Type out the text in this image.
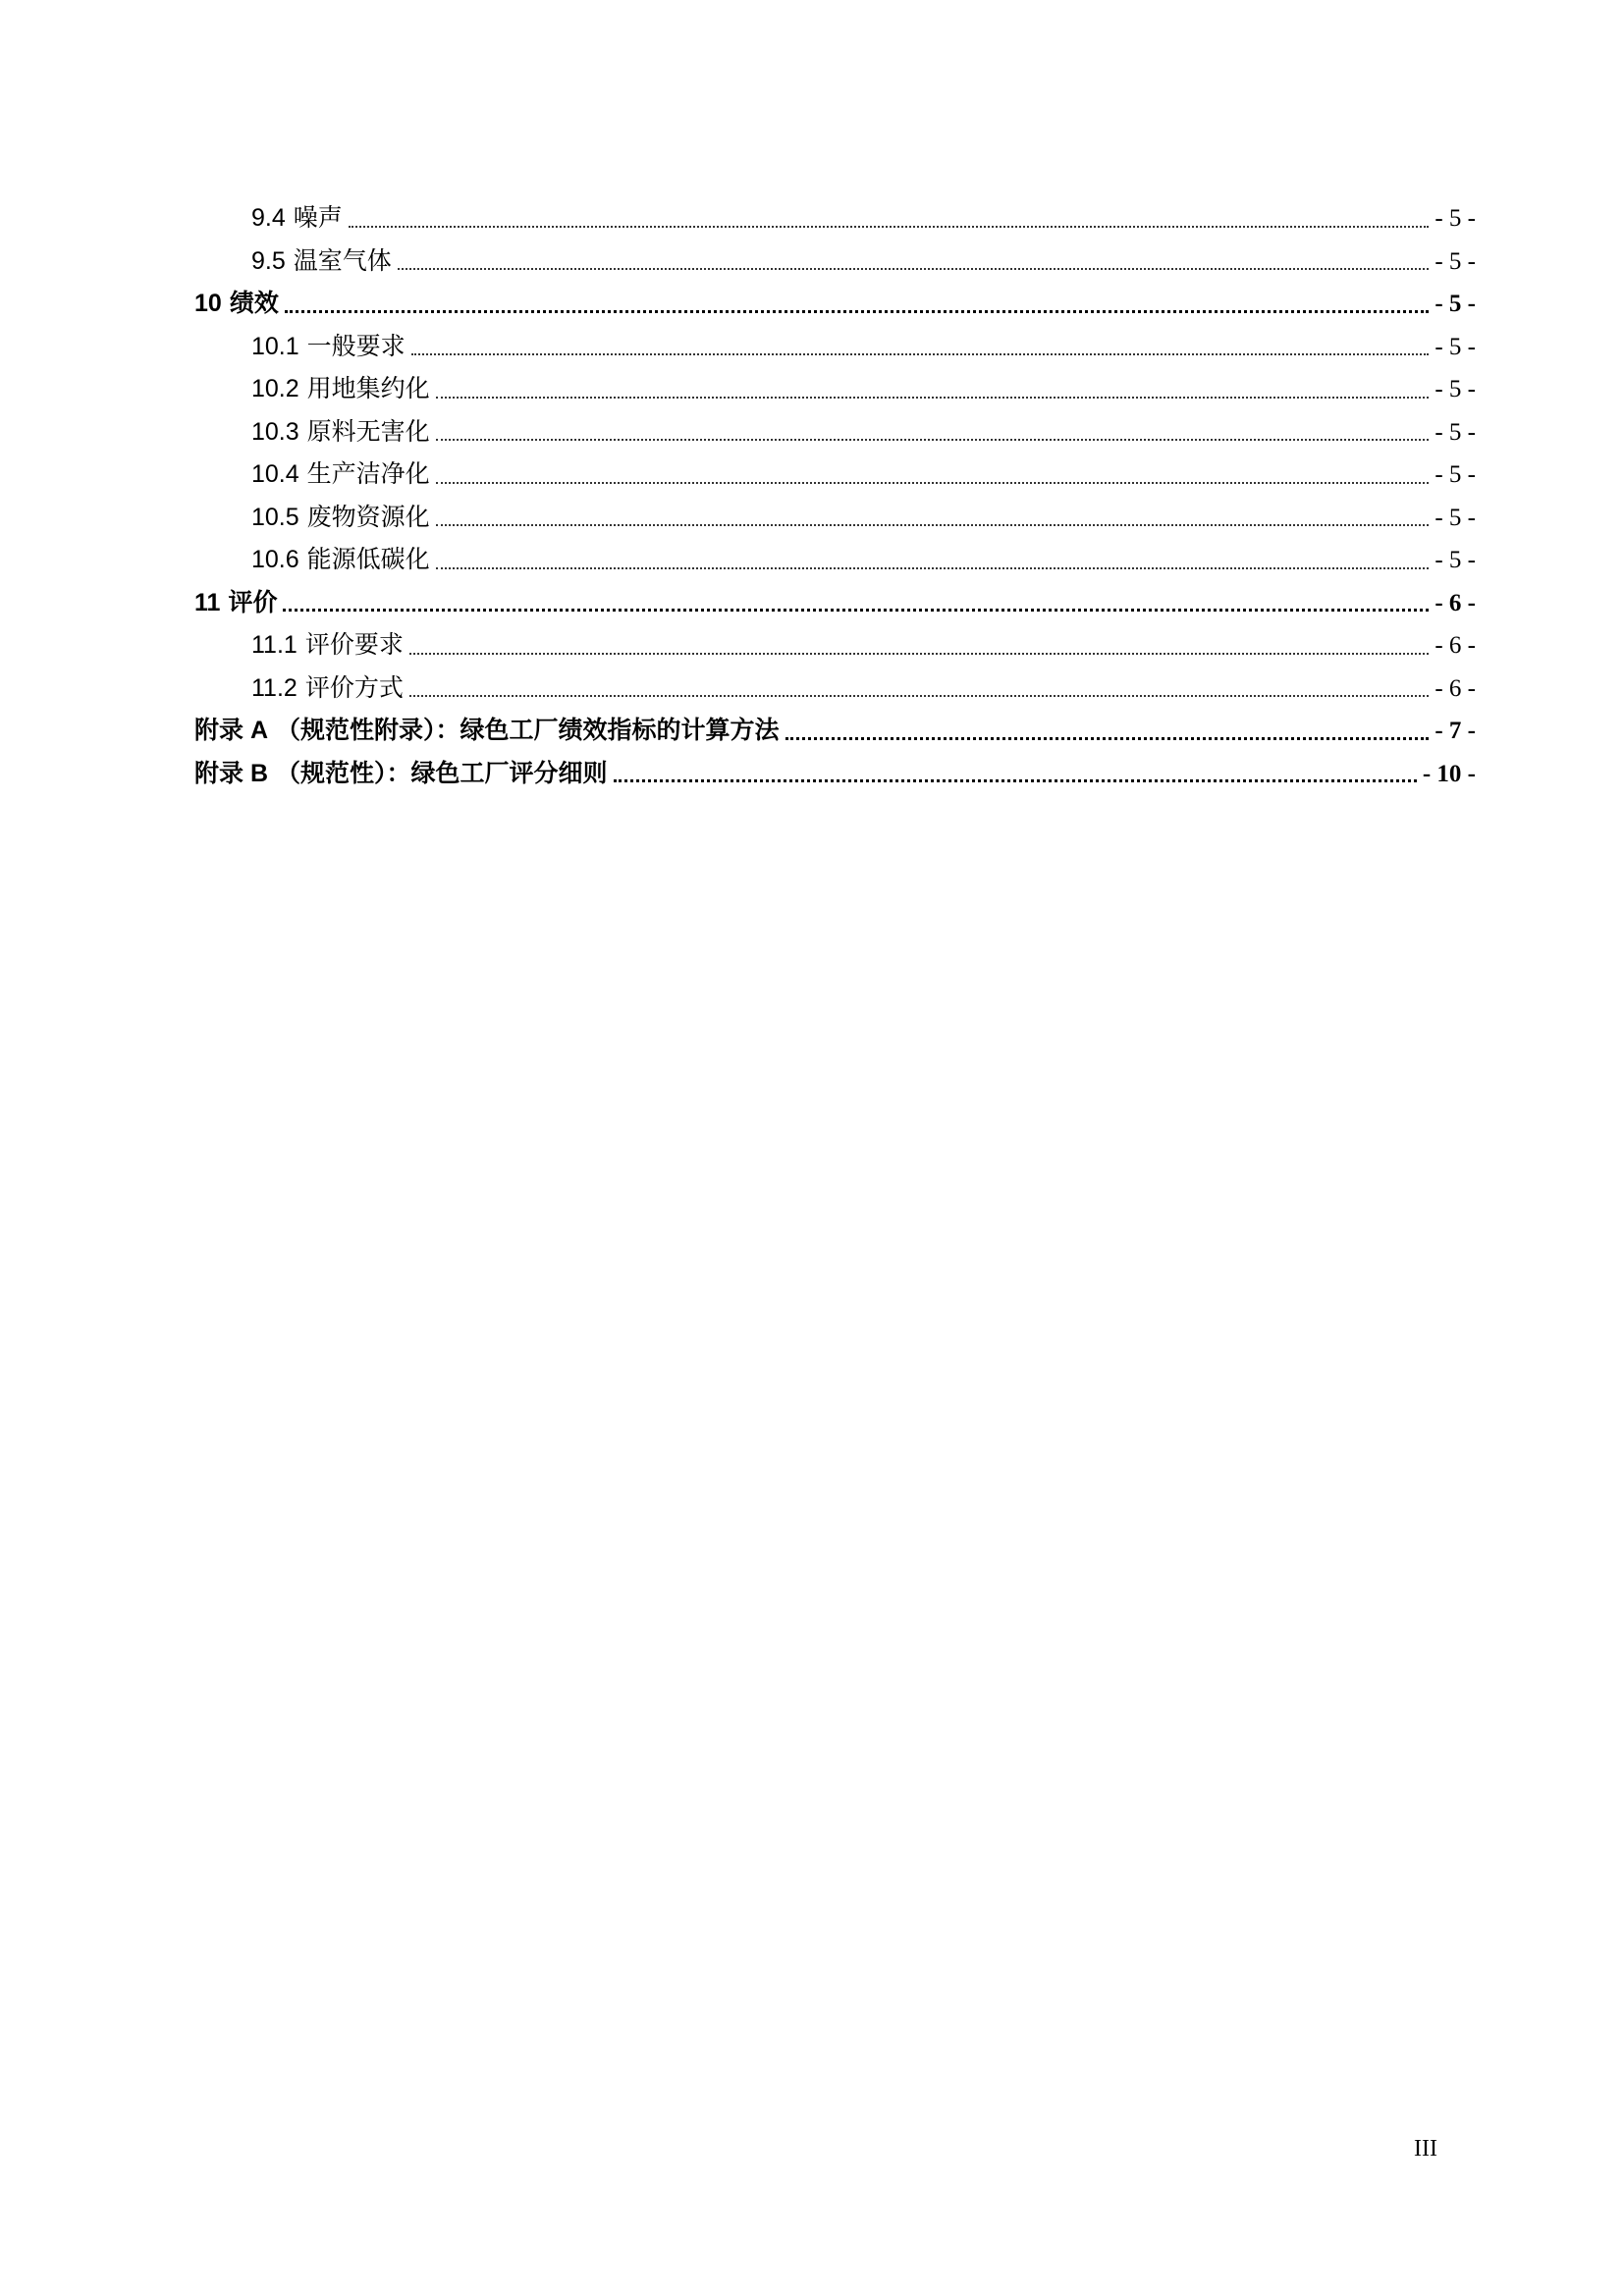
9.4 噪声	- 5 -
9.5 温室气体	- 5 -
10 绩效	- 5 -
10.1 一般要求	- 5 -
10.2 用地集约化	- 5 -
10.3 原料无害化	- 5 -
10.4 生产洁净化	- 5 -
10.5 废物资源化	- 5 -
10.6 能源低碳化	- 5 -
11 评价	- 6 -
11.1 评价要求	- 6 -
11.2 评价方式	- 6 -
附录 A （规范性附录）：绿色工厂绩效指标的计算方法	- 7 -
附录 B （规范性）：绿色工厂评分细则	- 10 -
III
